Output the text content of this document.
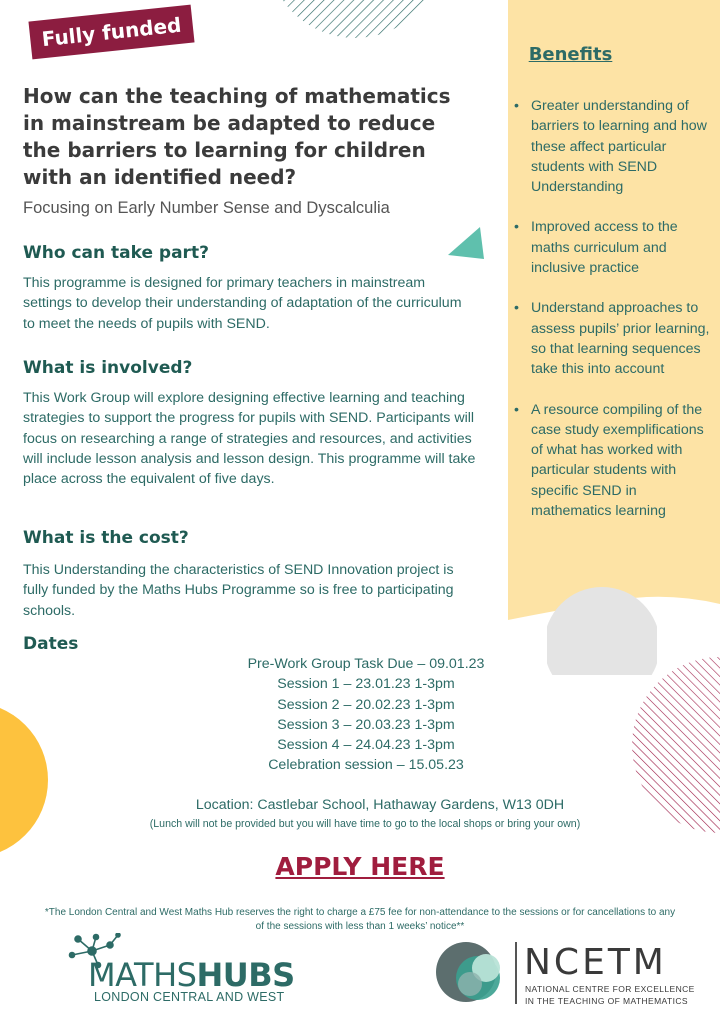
Fully funded
How can the teaching of mathematics in mainstream be adapted to reduce the barriers to learning for children with an identified need?

Focusing on Early Number Sense and Dyscalculia

Who can take part?

This programme is designed for primary teachers in mainstream settings to develop their understanding of adaptation of the curriculum to meet the needs of pupils with SEND.

What is involved?

This Work Group will explore designing effective learning and teaching strategies to support the progress for pupils with SEND. Participants will focus on researching a range of strategies and resources, and activities will include lesson analysis and lesson design. This programme will take place across the equivalent of five days.

What is the cost?

This Understanding the characteristics of SEND Innovation project is fully funded by the Maths Hubs Programme so is free to participating schools.

Benefits
• Greater understanding of barriers to learning and how these affect particular students with SEND Understanding
• Improved access to the maths curriculum and inclusive practice
• Understand approaches to assess pupils’ prior learning, so that learning sequences take this into account
• A resource compiling of the case study exemplifications of what has worked with particular students with specific SEND in mathematics learning
Dates
Pre-Work Group Task Due – 09.01.23
Session 1 – 23.01.23 1-3pm
Session 2 – 20.02.23 1-3pm
Session 3 – 20.03.23 1-3pm
Session 4 – 24.04.23 1-3pm
Celebration session – 15.05.23

Location: Castlebar School, Hathaway Gardens, W13 0DH

(Lunch will not be provided but you will have time to go to the local shops or bring your own)

APPLY HERE

*The London Central and West Maths Hub reserves the right to charge a £75 fee for non-attendance to the sessions or for cancellations to any of the sessions with less than 1 weeks’ notice**

MATHSHUBS
LONDON CENTRAL AND WEST
NCETM
NATIONAL CENTRE FOR EXCELLENCE
IN THE TEACHING OF MATHEMATICS
